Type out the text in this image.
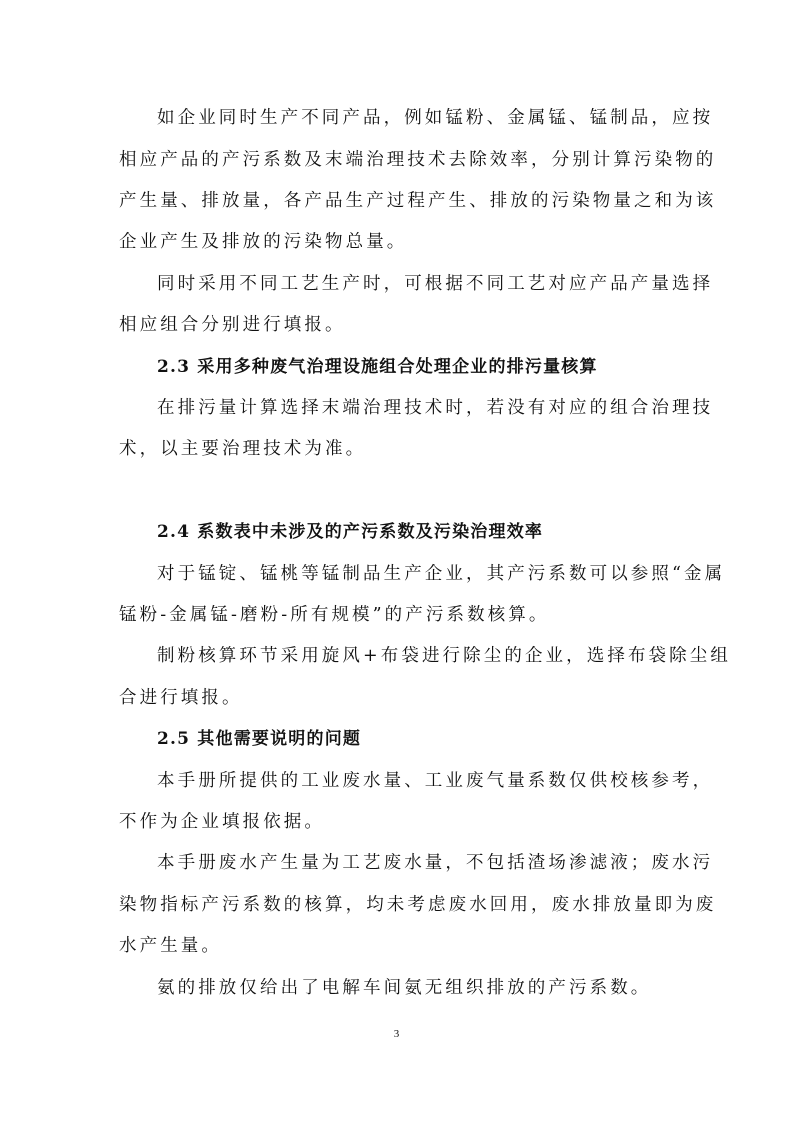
如企业同时生产不同产品，例如锰粉、金属锰、锰制品，应按
相应产品的产污系数及末端治理技术去除效率，分别计算污染物的
产生量、排放量，各产品生产过程产生、排放的污染物量之和为该
企业产生及排放的污染物总量。
同时采用不同工艺生产时，可根据不同工艺对应产品产量选择
相应组合分别进行填报。
2.3 采用多种废气治理设施组合处理企业的排污量核算
在排污量计算选择末端治理技术时，若没有对应的组合治理技
术，以主要治理技术为准。
2.4 系数表中未涉及的产污系数及污染治理效率
对于锰锭、锰桃等锰制品生产企业，其产污系数可以参照“金属
锰粉-金属锰-磨粉-所有规模”的产污系数核算。
制粉核算环节采用旋风+布袋进行除尘的企业，选择布袋除尘组
合进行填报。
2.5 其他需要说明的问题
本手册所提供的工业废水量、工业废气量系数仅供校核参考，
不作为企业填报依据。
本手册废水产生量为工艺废水量，不包括渣场渗滤液；废水污
染物指标产污系数的核算，均未考虑废水回用，废水排放量即为废
水产生量。
氨的排放仅给出了电解车间氨无组织排放的产污系数。
3
